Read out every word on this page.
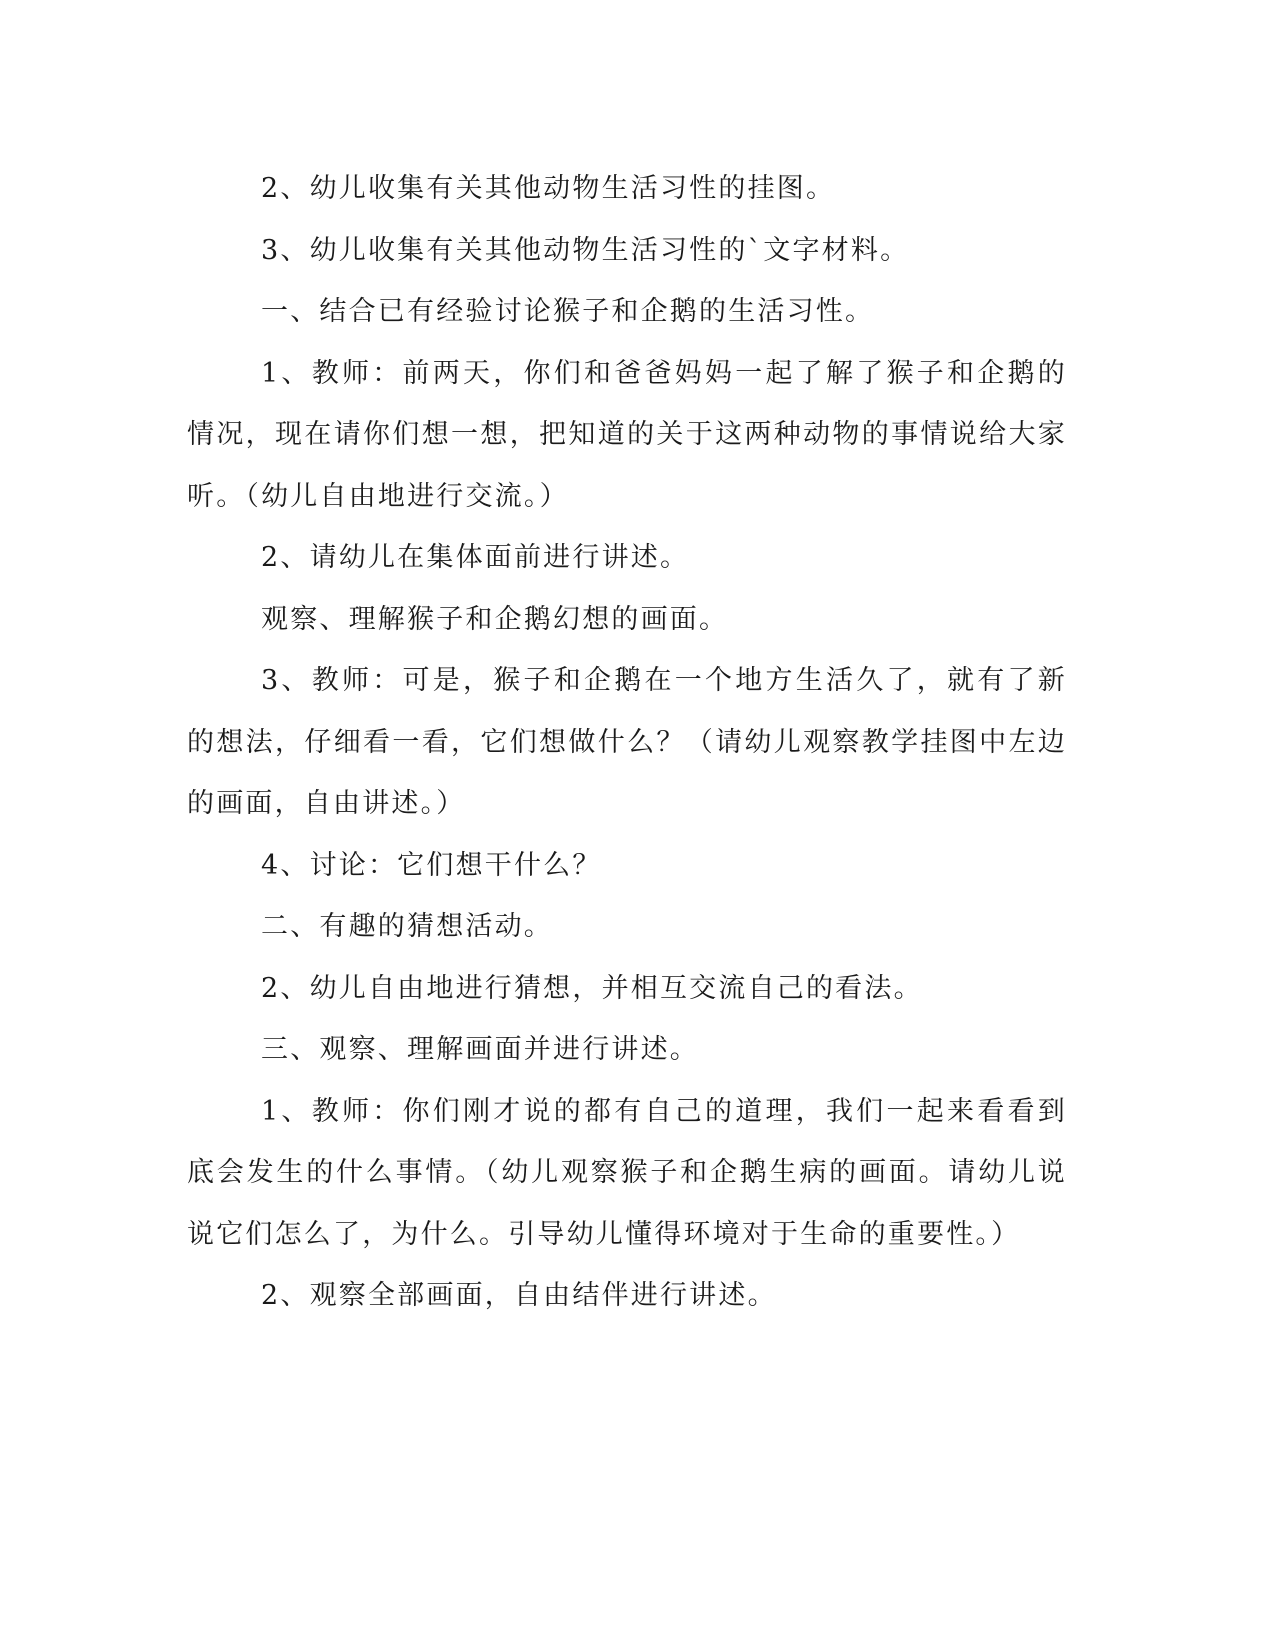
2、幼儿收集有关其他动物生活习性的挂图。

3、幼儿收集有关其他动物生活习性的`文字材料。

一、结合已有经验讨论猴子和企鹅的生活习性。

1、教师：前两天，你们和爸爸妈妈一起了解了猴子和企鹅的情况，现在请你们想一想，把知道的关于这两种动物的事情说给大家听。（幼儿自由地进行交流。）

2、请幼儿在集体面前进行讲述。

观察、理解猴子和企鹅幻想的画面。

3、教师：可是，猴子和企鹅在一个地方生活久了，就有了新的想法，仔细看一看，它们想做什么？（请幼儿观察教学挂图中左边的画面，自由讲述。）

4、讨论：它们想干什么？

二、有趣的猜想活动。

2、幼儿自由地进行猜想，并相互交流自己的看法。

三、观察、理解画面并进行讲述。

1、教师：你们刚才说的都有自己的道理，我们一起来看看到底会发生的什么事情。（幼儿观察猴子和企鹅生病的画面。请幼儿说说它们怎么了，为什么。引导幼儿懂得环境对于生命的重要性。）

2、观察全部画面，自由结伴进行讲述。
